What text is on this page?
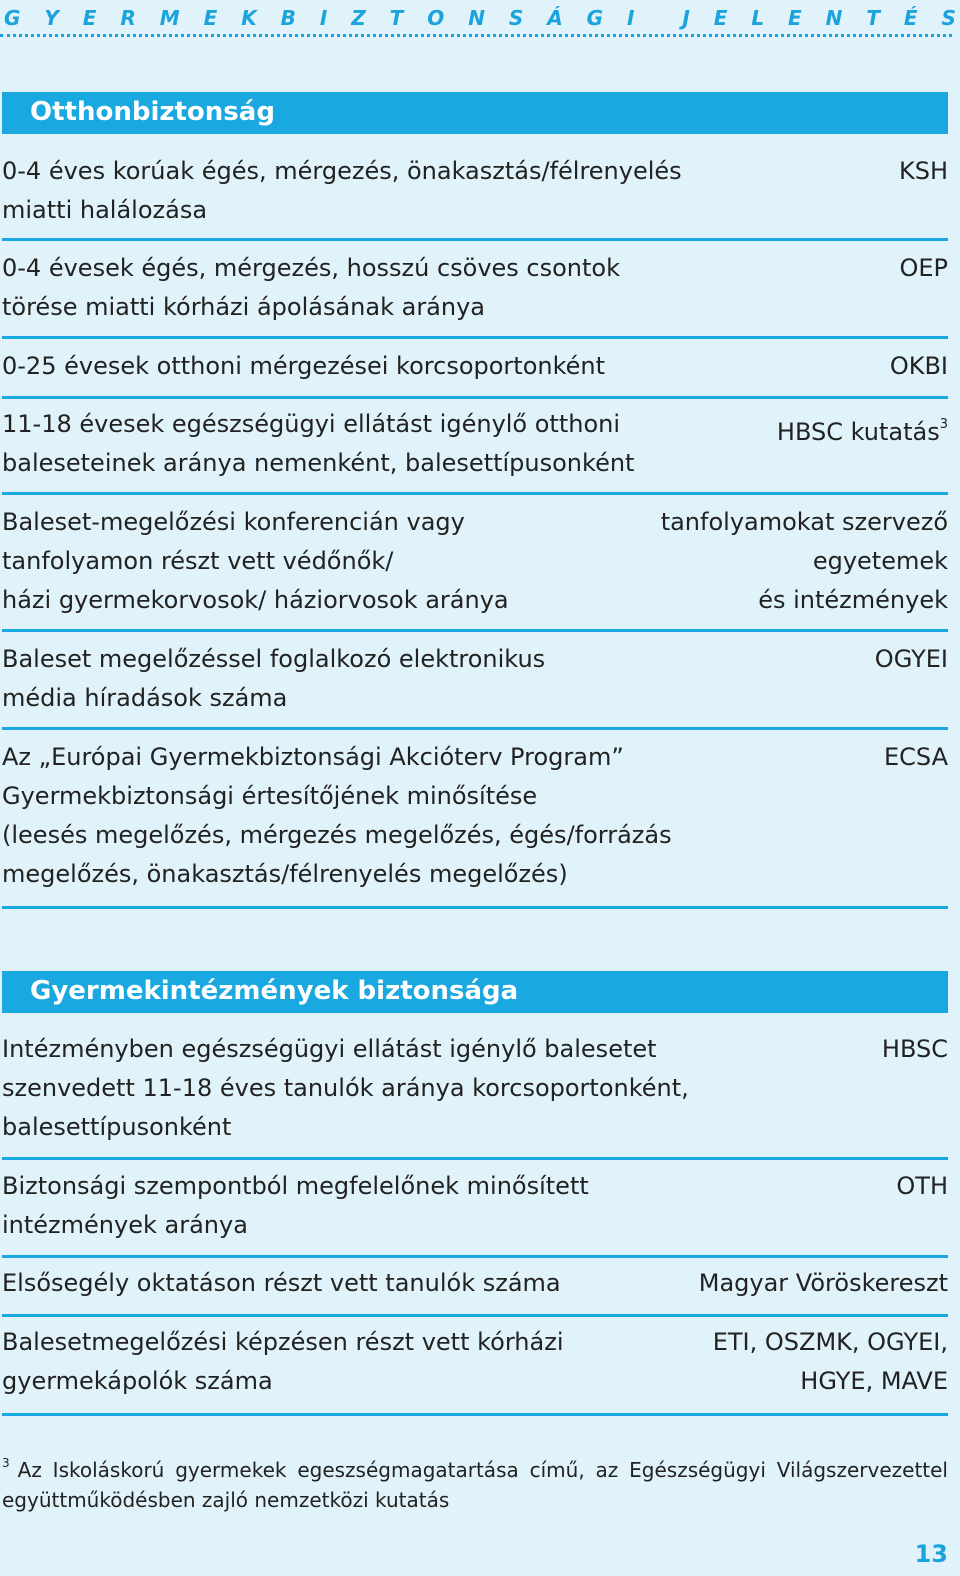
G Y E R M E K B I Z T O N S Á G I J E L E N T É S
Otthonbiztonság
0-4 éves korúak égés, mérgezés, önakasztás/félrenyelés
miatti halálozása
KSH
0-4 évesek égés, mérgezés, hosszú csöves csontok
törése miatti kórházi ápolásának aránya
OEP
0-25 évesek otthoni mérgezései korcsoportonként	OKBI
11-18 évesek egészségügyi ellátást igénylő otthoni
baleseteinek aránya nemenként, balesettípusonként
HBSC kutatás$^3$
Baleset-megelőzési konferencián vagy
tanfolyamon részt vett védőnők/
házi gyermekorvosok/ háziorvosok aránya
tanfolyamokat szervező
egyetemek
és intézmények
Baleset megelőzéssel foglalkozó elektronikus
média híradások száma
OGYEI
Az „Európai Gyermekbiztonsági Akcióterv Program”
Gyermekbiztonsági értesítőjének minősítése
(leesés megelőzés, mérgezés megelőzés, égés/forrázás
megelőzés, önakasztás/félrenyelés megelőzés)
ECSA
Gyermekintézmények biztonsága
Intézményben egészségügyi ellátást igénylő balesetet
szenvedett 11-18 éves tanulók aránya korcsoportonként,
balesettípusonként
HBSC
Biztonsági szempontból megfelelőnek minősített
intézmények aránya
OTH
Elsősegély oktatáson részt vett tanulók száma	Magyar Vöröskereszt
Balesetmegelőzési képzésen részt vett kórházi
gyermekápolók száma
ETI, OSZMK, OGYEI,
HGYE, MAVE
$^3$ Az Iskoláskorú gyermekek egeszségmagatartása című, az Egészségügyi Világszervezettel együttműködésben zajló nemzetközi kutatás
13
